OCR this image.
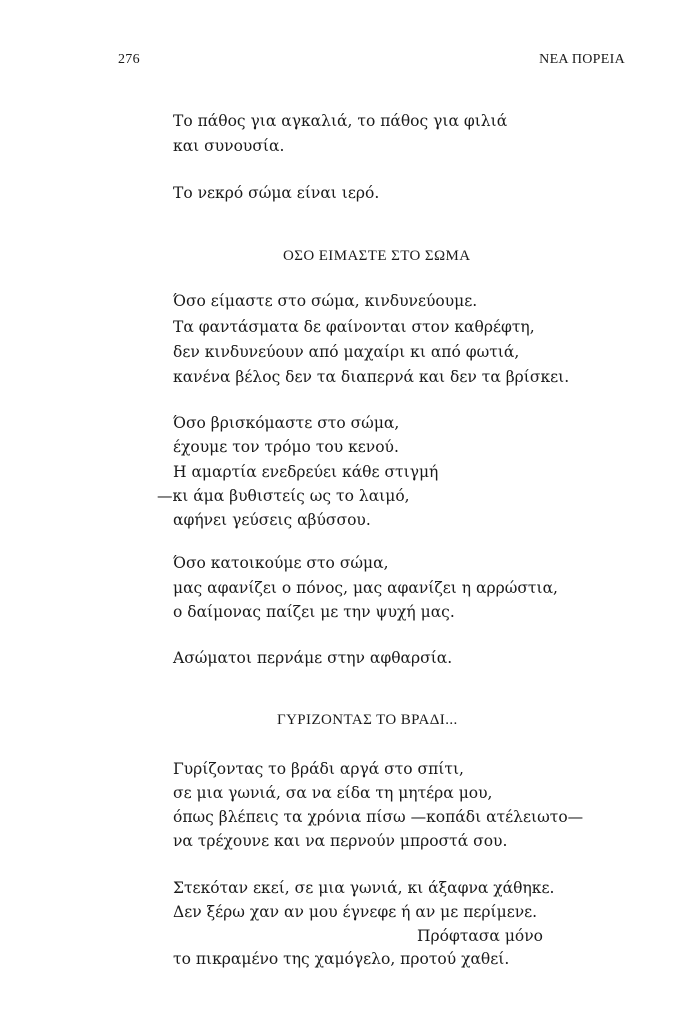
276	ΝΕΑ ΠΟΡΕΙΑ
Το πάθος για αγκαλιά, το πάθος για φιλιά
και συνουσία.
Το νεκρό σώμα είναι ιερό.
ΟΣΟ ΕΙΜΑΣΤΕ ΣΤΟ ΣΩΜΑ
Όσο είμαστε στο σώμα, κινδυνεύουμε.
Τα φαντάσματα δε φαίνονται στον καθρέφτη,
δεν κινδυνεύουν από μαχαίρι κι από φωτιά,
κανένα βέλος δεν τα διαπερνά και δεν τα βρίσκει.
Όσο βρισκόμαστε στο σώμα,
έχουμε τον τρόμο του κενού.
Η αμαρτία ενεδρεύει κάθε στιγμή
—κι άμα βυθιστείς ως το λαιμό,
αφήνει γεύσεις αβύσσου.
Όσο κατοικούμε στο σώμα,
μας αφανίζει ο πόνος, μας αφανίζει η αρρώστια,
ο δαίμονας παίζει με την ψυχή μας.
Ασώματοι περνάμε στην αφθαρσία.
ΓΥΡΙΖΟΝΤΑΣ ΤΟ ΒΡΑΔΙ...
Γυρίζοντας το βράδι αργά στο σπίτι,
σε μια γωνιά, σα να είδα τη μητέρα μου,
όπως βλέπεις τα χρόνια πίσω —κοπάδι ατέλειωτο—
να τρέχουνε και να περνούν μπροστά σου.
Στεκόταν εκεί, σε μια γωνιά, κι άξαφνα χάθηκε.
Δεν ξέρω χαν αν μου έγνεφε ή αν με περίμενε.
Πρόφτασα μόνο
το πικραμένο της χαμόγελο, προτού χαθεί.
